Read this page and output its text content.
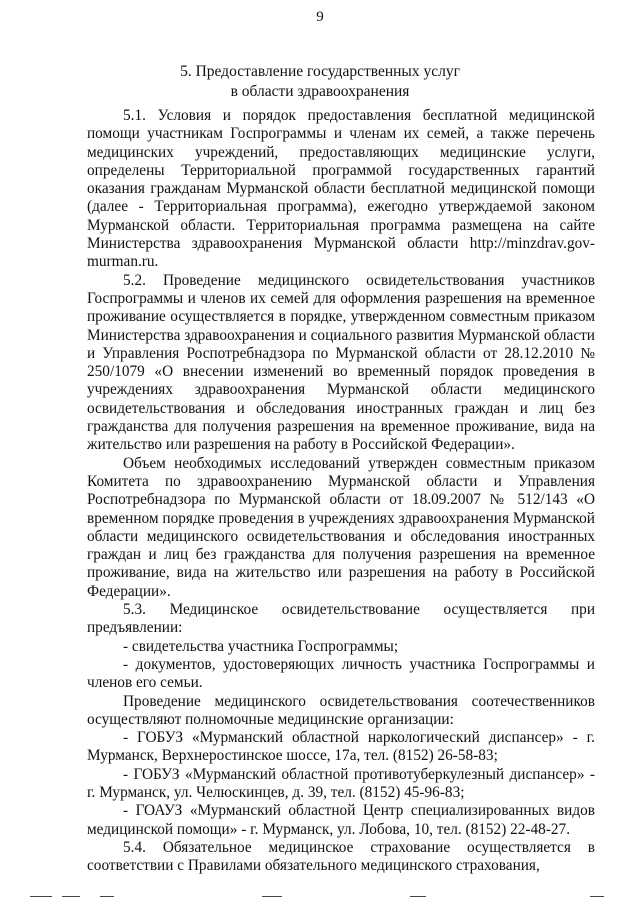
9
5. Предоставление государственных услуг
в области здравоохранения

5.1. Условия и порядок предоставления бесплатной медицинской помощи участникам Госпрограммы и членам их семей, а также перечень медицинских учреждений, предоставляющих медицинские услуги, определены Территориальной программой государственных гарантий оказания гражданам Мурманской области бесплатной медицинской помощи (далее - Территориальная программа), ежегодно утверждаемой законом Мурманской области. Территориальная программа размещена на сайте Министерства здравоохранения Мурманской области http://minzdrav.gov-murman.ru.

5.2. Проведение медицинского освидетельствования участников Госпрограммы и членов их семей для оформления разрешения на временное проживание осуществляется в порядке, утвержденном совместным приказом Министерства здравоохранения и социального развития Мурманской области и Управления Роспотребнадзора по Мурманской области от 28.12.2010 № 250/1079 «О внесении изменений во временный порядок проведения в учреждениях здравоохранения Мурманской области медицинского освидетельствования и обследования иностранных граждан и лиц без гражданства для получения разрешения на временное проживание, вида на жительство или разрешения на работу в Российской Федерации».

Объем необходимых исследований утвержден совместным приказом Комитета по здравоохранению Мурманской области и Управления Роспотребнадзора по Мурманской области от 18.09.2007 № 512/143 «О временном порядке проведения в учреждениях здравоохранения Мурманской области медицинского освидетельствования и обследования иностранных граждан и лиц без гражданства для получения разрешения на временное проживание, вида на жительство или разрешения на работу в Российской Федерации».

5.3. Медицинское освидетельствование осуществляется при предъявлении:

- свидетельства участника Госпрограммы;

- документов, удостоверяющих личность участника Госпрограммы и членов его семьи.

Проведение медицинского освидетельствования соотечественников осуществляют полномочные медицинские организации:

- ГОБУЗ «Мурманский областной наркологический диспансер» - г. Мурманск, Верхнеростинское шоссе, 17а, тел. (8152) 26-58-83;

- ГОБУЗ «Мурманский областной противотуберкулезный диспансер» - г. Мурманск, ул. Челюскинцев, д. 39, тел. (8152) 45-96-83;

- ГОАУЗ «Мурманский областной Центр специализированных видов медицинской помощи» - г. Мурманск, ул. Лобова, 10, тел. (8152) 22-48-27.

5.4. Обязательное медицинское страхование осуществляется в соответствии с Правилами обязательного медицинского страхования,
